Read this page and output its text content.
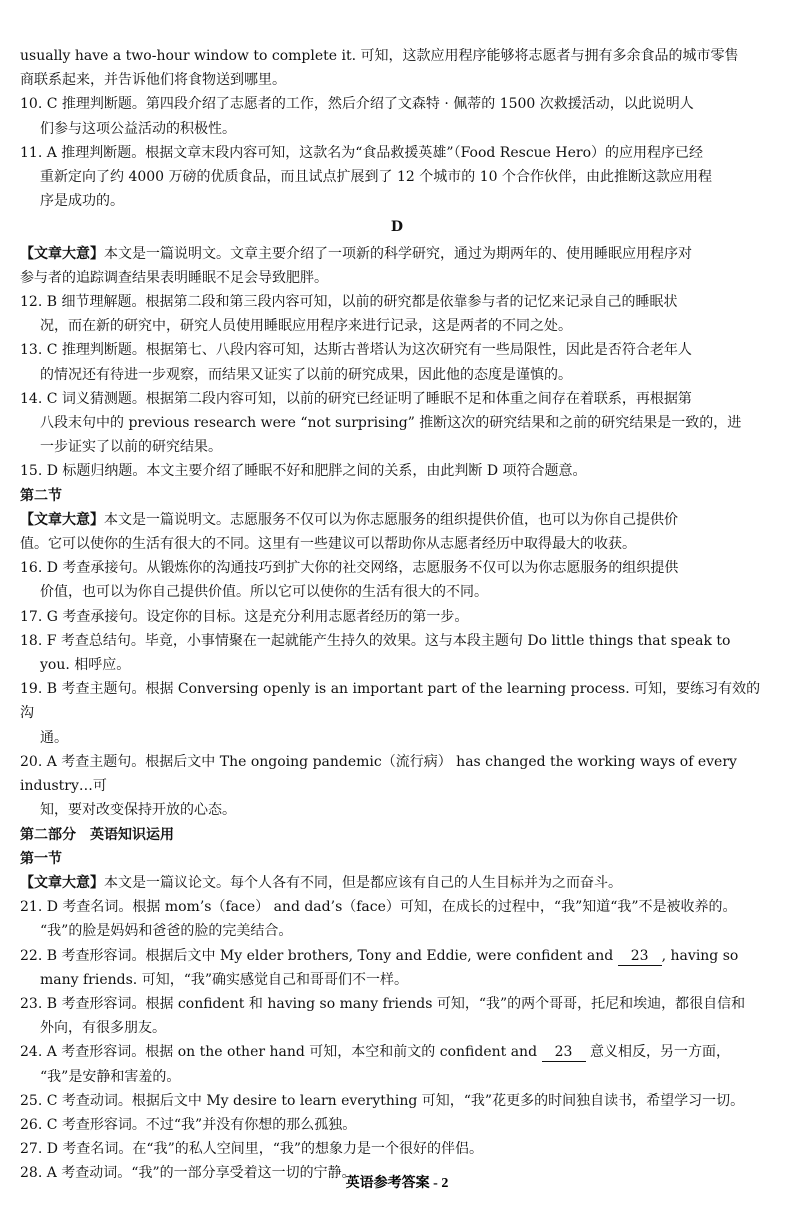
usually have a two-hour window to complete it. 可知，这款应用程序能够将志愿者与拥有多余食品的城市零售
商联系起来，并告诉他们将食物送到哪里。

10. C 推理判断题。第四段介绍了志愿者的工作，然后介绍了文森特 · 佩蒂的 1500 次救援活动，以此说明人
们参与这项公益活动的积极性。
11. A 推理判断题。根据文章末段内容可知，这款名为“食品救援英雄”（Food Rescue Hero）的应用程序已经
重新定向了约 4000 万磅的优质食品，而且试点扩展到了 12 个城市的 10 个合作伙伴，由此推断这款应用程
序是成功的。
D

【文章大意】本文是一篇说明文。文章主要介绍了一项新的科学研究，通过为期两年的、使用睡眠应用程序对
参与者的追踪调查结果表明睡眠不足会导致肥胖。

12. B 细节理解题。根据第二段和第三段内容可知，以前的研究都是依靠参与者的记忆来记录自己的睡眠状
况，而在新的研究中，研究人员使用睡眠应用程序来进行记录，这是两者的不同之处。
13. C 推理判断题。根据第七、八段内容可知，达斯古普塔认为这次研究有一些局限性，因此是否符合老年人
的情况还有待进一步观察，而结果又证实了以前的研究成果，因此他的态度是谨慎的。
14. C 词义猜测题。根据第二段内容可知，以前的研究已经证明了睡眠不足和体重之间存在着联系，再根据第
八段末句中的 previous research were “not surprising” 推断这次的研究结果和之前的研究结果是一致的，进
一步证实了以前的研究结果。
15. D 标题归纳题。本文主要介绍了睡眠不好和肥胖之间的关系，由此判断 D 项符合题意。

第二节

【文章大意】本文是一篇说明文。志愿服务不仅可以为你志愿服务的组织提供价值，也可以为你自己提供价
值。它可以使你的生活有很大的不同。这里有一些建议可以帮助你从志愿者经历中取得最大的收获。

16. D 考查承接句。从锻炼你的沟通技巧到扩大你的社交网络，志愿服务不仅可以为你志愿服务的组织提供
价值，也可以为你自己提供价值。所以它可以使你的生活有很大的不同。
17. G 考查承接句。设定你的目标。这是充分利用志愿者经历的第一步。
18. F 考查总结句。毕竟，小事情聚在一起就能产生持久的效果。这与本段主题句 Do little things that speak to
you. 相呼应。
19. B 考查主题句。根据 Conversing openly is an important part of the learning process. 可知，要练习有效的沟
通。
20. A 考查主题句。根据后文中 The ongoing pandemic（流行病） has changed the working ways of every industry…可
知，要对改变保持开放的心态。

第二部分　英语知识运用

第一节

【文章大意】本文是一篇议论文。每个人各有不同，但是都应该有自己的人生目标并为之而奋斗。

21. D 考查名词。根据 mom’s（face） and dad’s（face）可知，在成长的过程中，“我”知道“我”不是被收养的。
“我”的脸是妈妈和爸爸的脸的完美结合。
22. B 考查形容词。根据后文中 My elder brothers, Tony and Eddie, were confident and 23 , having so
many friends. 可知，“我”确实感觉自己和哥哥们不一样。
23. B 考查形容词。根据 confident 和 having so many friends 可知，“我”的两个哥哥，托尼和埃迪，都很自信和
外向，有很多朋友。
24. A 考查形容词。根据 on the other hand 可知，本空和前文的 confident and 23 意义相反，另一方面，
“我”是安静和害羞的。
25. C 考查动词。根据后文中 My desire to learn everything 可知，“我”花更多的时间独自读书，希望学习一切。
26. C 考查形容词。不过“我”并没有你想的那么孤独。
27. D 考查名词。在“我”的私人空间里，“我”的想象力是一个很好的伴侣。
28. A 考查动词。“我”的一部分享受着这一切的宁静。
英语参考答案 - 2
